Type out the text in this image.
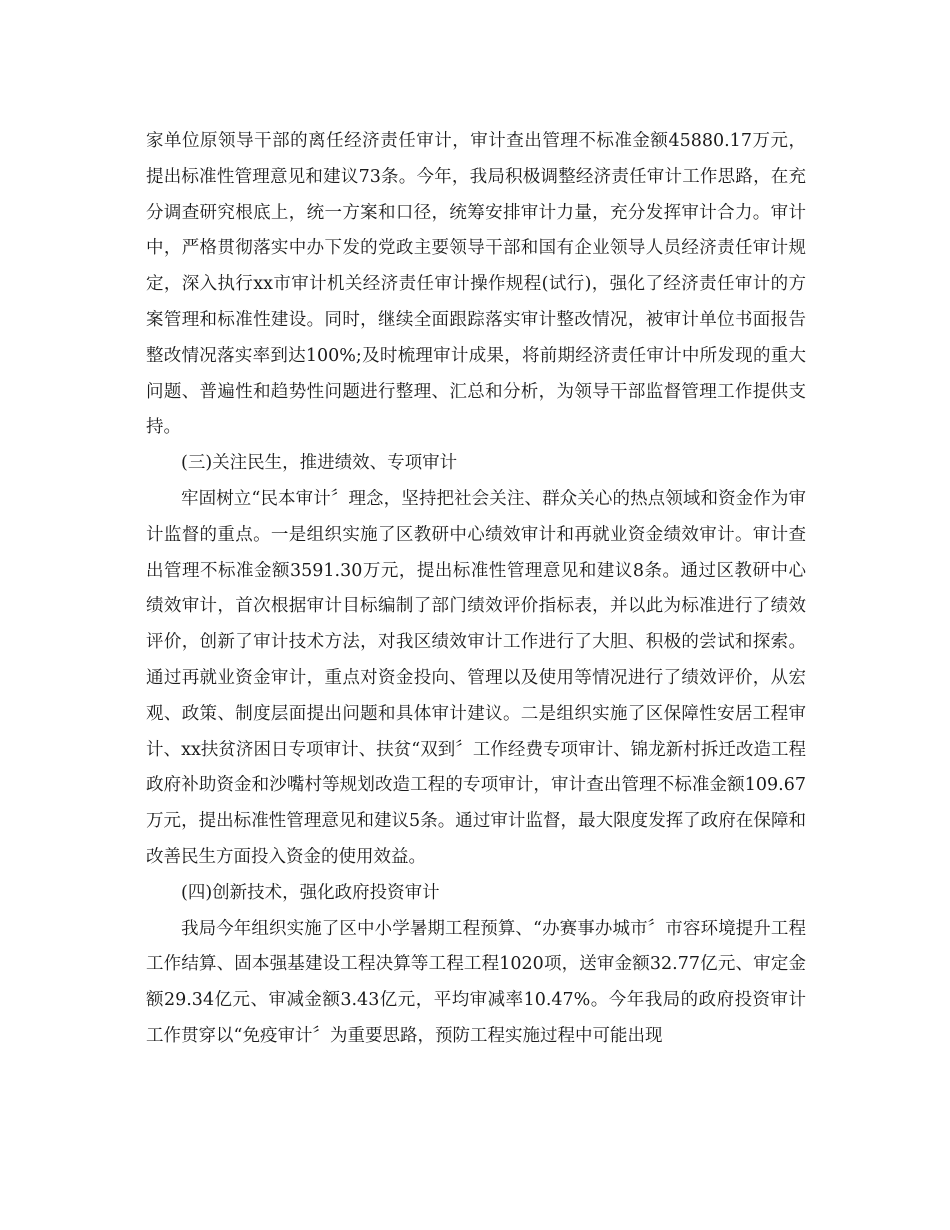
家单位原领导干部的离任经济责任审计，审计查出管理不标准金额45880.17万元，提出标准性管理意见和建议73条。今年，我局积极调整经济责任审计工作思路，在充分调查研究根底上，统一方案和口径，统筹安排审计力量，充分发挥审计合力。审计中，严格贯彻落实中办下发的党政主要领导干部和国有企业领导人员经济责任审计规定，深入执行xx市审计机关经济责任审计操作规程(试行)，强化了经济责任审计的方案管理和标准性建设。同时，继续全面跟踪落实审计整改情况，被审计单位书面报告整改情况落实率到达100%;及时梳理审计成果，将前期经济责任审计中所发现的重大问题、普遍性和趋势性问题进行整理、汇总和分析，为领导干部监督管理工作提供支持。

(三)关注民生，推进绩效、专项审计

牢固树立“民本审计〞理念，坚持把社会关注、群众关心的热点领域和资金作为审计监督的重点。一是组织实施了区教研中心绩效审计和再就业资金绩效审计。审计查出管理不标准金额3591.30万元，提出标准性管理意见和建议8条。通过区教研中心绩效审计，首次根据审计目标编制了部门绩效评价指标表，并以此为标准进行了绩效评价，创新了审计技术方法，对我区绩效审计工作进行了大胆、积极的尝试和探索。通过再就业资金审计，重点对资金投向、管理以及使用等情况进行了绩效评价，从宏观、政策、制度层面提出问题和具体审计建议。二是组织实施了区保障性安居工程审计、xx扶贫济困日专项审计、扶贫“双到〞工作经费专项审计、锦龙新村拆迁改造工程政府补助资金和沙嘴村等规划改造工程的专项审计，审计查出管理不标准金额109.67万元，提出标准性管理意见和建议5条。通过审计监督，最大限度发挥了政府在保障和改善民生方面投入资金的使用效益。

(四)创新技术，强化政府投资审计

我局今年组织实施了区中小学暑期工程预算、“办赛事办城市〞市容环境提升工程工作结算、固本强基建设工程决算等工程工程1020项，送审金额32.77亿元、审定金额29.34亿元、审减金额3.43亿元，平均审减率10.47%。今年我局的政府投资审计工作贯穿以“免疫审计〞为重要思路，预防工程实施过程中可能出现
